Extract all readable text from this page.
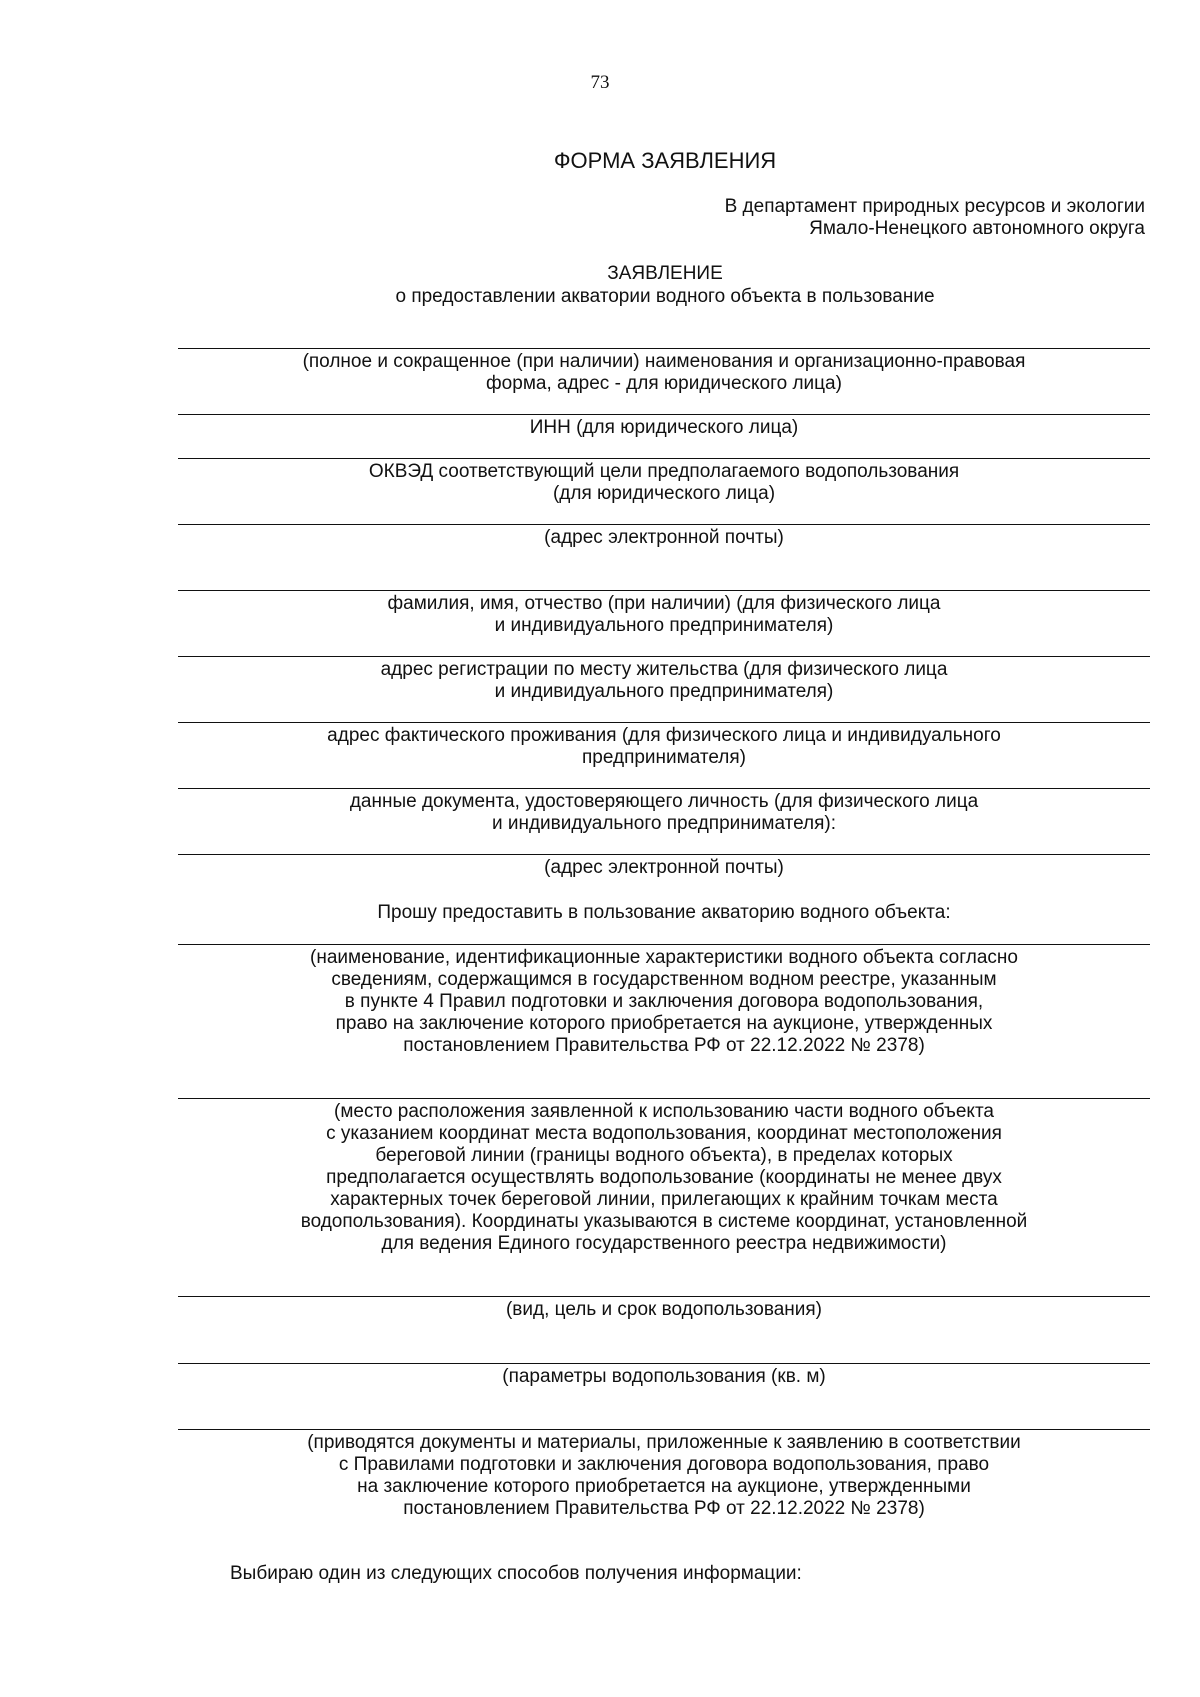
73
ФОРМА ЗАЯВЛЕНИЯ
В департамент природных ресурсов и экологии
Ямало-Ненецкого автономного округа
ЗАЯВЛЕНИЕ
о предоставлении акватории водного объекта в пользование
(полное и сокращенное (при наличии) наименования и организационно-правовая
форма, адрес - для юридического лица)
ИНН (для юридического лица)
ОКВЭД соответствующий цели предполагаемого водопользования
(для юридического лица)
(адрес электронной почты)
фамилия, имя, отчество (при наличии) (для физического лица
и индивидуального предпринимателя)
адрес регистрации по месту жительства (для физического лица
и индивидуального предпринимателя)
адрес фактического проживания (для физического лица и индивидуального
предпринимателя)
данные документа, удостоверяющего личность (для физического лица
и индивидуального предпринимателя):
(адрес электронной почты)
Прошу предоставить в пользование акваторию водного объекта:
(наименование, идентификационные характеристики водного объекта согласно
сведениям, содержащимся в государственном водном реестре, указанным
в пункте 4 Правил подготовки и заключения договора водопользования,
право на заключение которого приобретается на аукционе, утвержденных
постановлением Правительства РФ от 22.12.2022 № 2378)
(место расположения заявленной к использованию части водного объекта
с указанием координат места водопользования, координат местоположения
береговой линии (границы водного объекта), в пределах которых
предполагается осуществлять водопользование (координаты не менее двух
характерных точек береговой линии, прилегающих к крайним точкам места
водопользования). Координаты указываются в системе координат, установленной
для ведения Единого государственного реестра недвижимости)
(вид, цель и срок водопользования)
(параметры водопользования (кв. м)
(приводятся документы и материалы, приложенные к заявлению в соответствии
с Правилами подготовки и заключения договора водопользования, право
на заключение которого приобретается на аукционе, утвержденными
постановлением Правительства РФ от 22.12.2022 № 2378)
Выбираю один из следующих способов получения информации:
